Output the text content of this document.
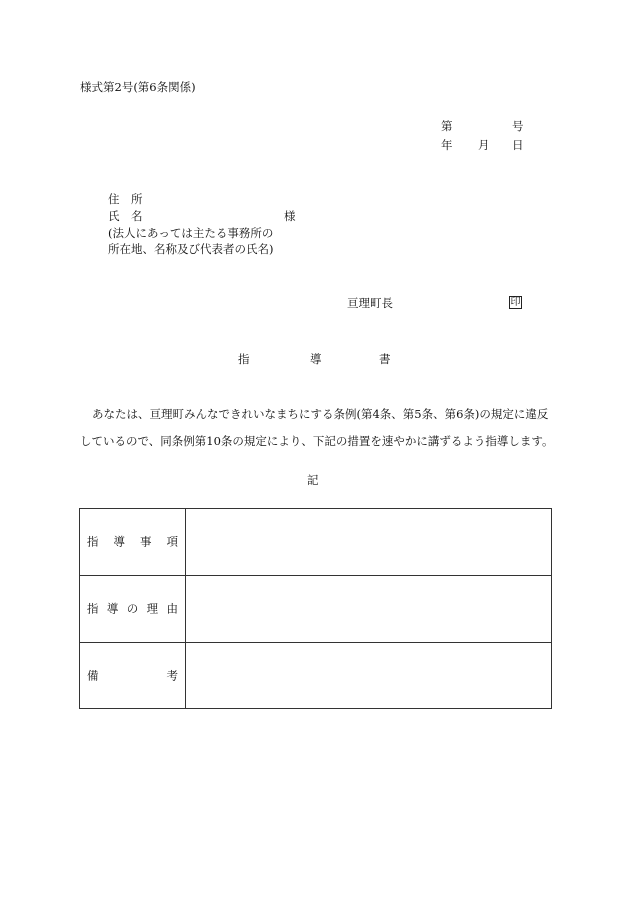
様式第2号(第6条関係)
第	号
年 月 日
住　所
氏　名	様
(法人にあっては主たる事務所の
所在地、名称及び代表者の氏名)
亘理町長	印
指	導	書
あなたは、亘理町みんなできれいなまちにする条例(第4条、第5条、第6条)の規定に違反
しているので、同条例第10条の規定により、下記の措置を速やかに講ずるよう指導します。
記
指 導 事 項
指 導 の 理 由
備	考
